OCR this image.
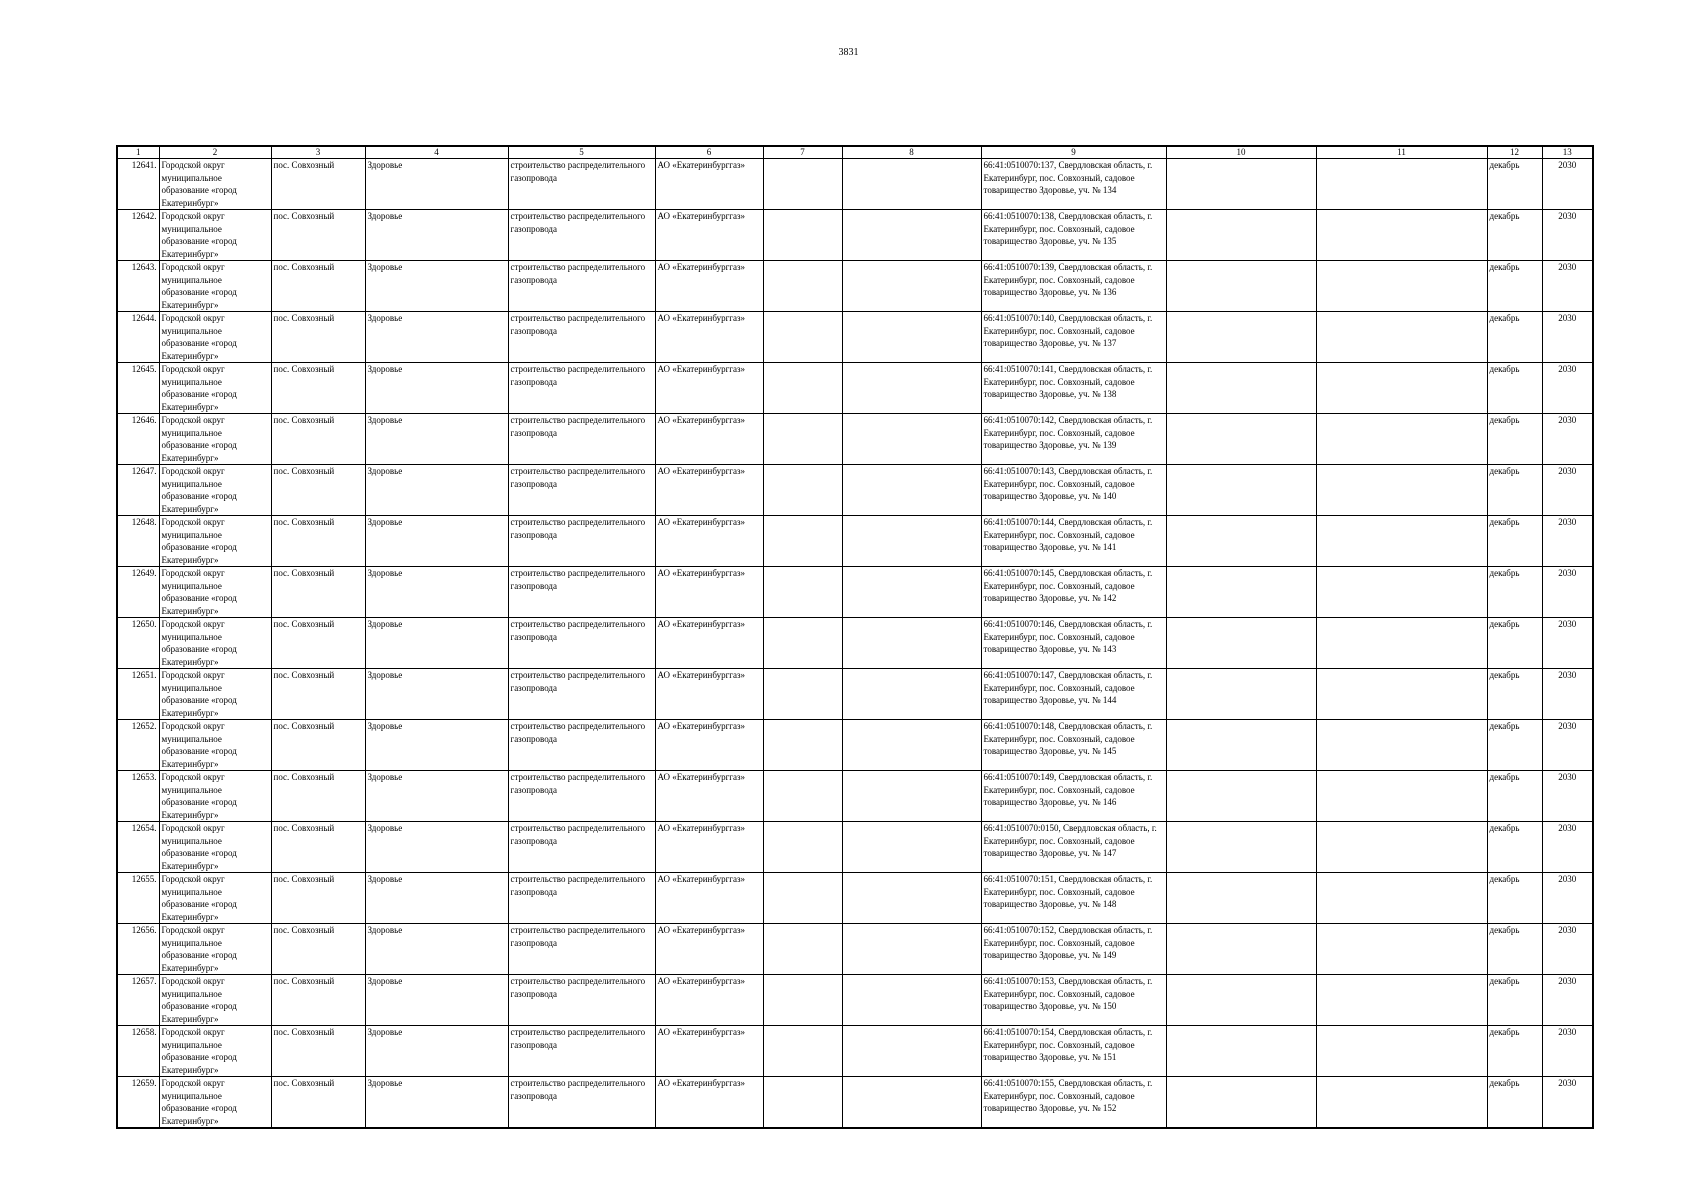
3831
1	2	3	4	5	6	7	8	9	10	11	12	13
12641.	Городской округ муниципальное образование «город Екатеринбург»	пос. Совхозный	Здоровье	строительство распределительного газопровода	АО «Екатеринбурггаз»			66:41:0510070:137, Свердловская область, г. Екатеринбург, пос. Совхозный, садовое товарищество Здоровье, уч. № 134			декабрь	2030
12642.	Городской округ муниципальное образование «город Екатеринбург»	пос. Совхозный	Здоровье	строительство распределительного газопровода	АО «Екатеринбурггаз»			66:41:0510070:138, Свердловская область, г. Екатеринбург, пос. Совхозный, садовое товарищество Здоровье, уч. № 135			декабрь	2030
12643.	Городской округ муниципальное образование «город Екатеринбург»	пос. Совхозный	Здоровье	строительство распределительного газопровода	АО «Екатеринбурггаз»			66:41:0510070:139, Свердловская область, г. Екатеринбург, пос. Совхозный, садовое товарищество Здоровье, уч. № 136			декабрь	2030
12644.	Городской округ муниципальное образование «город Екатеринбург»	пос. Совхозный	Здоровье	строительство распределительного газопровода	АО «Екатеринбурггаз»			66:41:0510070:140, Свердловская область, г. Екатеринбург, пос. Совхозный, садовое товарищество Здоровье, уч. № 137			декабрь	2030
12645.	Городской округ муниципальное образование «город Екатеринбург»	пос. Совхозный	Здоровье	строительство распределительного газопровода	АО «Екатеринбурггаз»			66:41:0510070:141, Свердловская область, г. Екатеринбург, пос. Совхозный, садовое товарищество Здоровье, уч. № 138			декабрь	2030
12646.	Городской округ муниципальное образование «город Екатеринбург»	пос. Совхозный	Здоровье	строительство распределительного газопровода	АО «Екатеринбурггаз»			66:41:0510070:142, Свердловская область, г. Екатеринбург, пос. Совхозный, садовое товарищество Здоровье, уч. № 139			декабрь	2030
12647.	Городской округ муниципальное образование «город Екатеринбург»	пос. Совхозный	Здоровье	строительство распределительного газопровода	АО «Екатеринбурггаз»			66:41:0510070:143, Свердловская область, г. Екатеринбург, пос. Совхозный, садовое товарищество Здоровье, уч. № 140			декабрь	2030
12648.	Городской округ муниципальное образование «город Екатеринбург»	пос. Совхозный	Здоровье	строительство распределительного газопровода	АО «Екатеринбурггаз»			66:41:0510070:144, Свердловская область, г. Екатеринбург, пос. Совхозный, садовое товарищество Здоровье, уч. № 141			декабрь	2030
12649.	Городской округ муниципальное образование «город Екатеринбург»	пос. Совхозный	Здоровье	строительство распределительного газопровода	АО «Екатеринбурггаз»			66:41:0510070:145, Свердловская область, г. Екатеринбург, пос. Совхозный, садовое товарищество Здоровье, уч. № 142			декабрь	2030
12650.	Городской округ муниципальное образование «город Екатеринбург»	пос. Совхозный	Здоровье	строительство распределительного газопровода	АО «Екатеринбурггаз»			66:41:0510070:146, Свердловская область, г. Екатеринбург, пос. Совхозный, садовое товарищество Здоровье, уч. № 143			декабрь	2030
12651.	Городской округ муниципальное образование «город Екатеринбург»	пос. Совхозный	Здоровье	строительство распределительного газопровода	АО «Екатеринбурггаз»			66:41:0510070:147, Свердловская область, г. Екатеринбург, пос. Совхозный, садовое товарищество Здоровье, уч. № 144			декабрь	2030
12652.	Городской округ муниципальное образование «город Екатеринбург»	пос. Совхозный	Здоровье	строительство распределительного газопровода	АО «Екатеринбурггаз»			66:41:0510070:148, Свердловская область, г. Екатеринбург, пос. Совхозный, садовое товарищество Здоровье, уч. № 145			декабрь	2030
12653.	Городской округ муниципальное образование «город Екатеринбург»	пос. Совхозный	Здоровье	строительство распределительного газопровода	АО «Екатеринбурггаз»			66:41:0510070:149, Свердловская область, г. Екатеринбург, пос. Совхозный, садовое товарищество Здоровье, уч. № 146			декабрь	2030
12654.	Городской округ муниципальное образование «город Екатеринбург»	пос. Совхозный	Здоровье	строительство распределительного газопровода	АО «Екатеринбурггаз»			66:41:0510070:0150, Свердловская область, г. Екатеринбург, пос. Совхозный, садовое товарищество Здоровье, уч. № 147			декабрь	2030
12655.	Городской округ муниципальное образование «город Екатеринбург»	пос. Совхозный	Здоровье	строительство распределительного газопровода	АО «Екатеринбурггаз»			66:41:0510070:151, Свердловская область, г. Екатеринбург, пос. Совхозный, садовое товарищество Здоровье, уч. № 148			декабрь	2030
12656.	Городской округ муниципальное образование «город Екатеринбург»	пос. Совхозный	Здоровье	строительство распределительного газопровода	АО «Екатеринбурггаз»			66:41:0510070:152, Свердловская область, г. Екатеринбург, пос. Совхозный, садовое товарищество Здоровье, уч. № 149			декабрь	2030
12657.	Городской округ муниципальное образование «город Екатеринбург»	пос. Совхозный	Здоровье	строительство распределительного газопровода	АО «Екатеринбурггаз»			66:41:0510070:153, Свердловская область, г. Екатеринбург, пос. Совхозный, садовое товарищество Здоровье, уч. № 150			декабрь	2030
12658.	Городской округ муниципальное образование «город Екатеринбург»	пос. Совхозный	Здоровье	строительство распределительного газопровода	АО «Екатеринбурггаз»			66:41:0510070:154, Свердловская область, г. Екатеринбург, пос. Совхозный, садовое товарищество Здоровье, уч. № 151			декабрь	2030
12659.	Городской округ муниципальное образование «город Екатеринбург»	пос. Совхозный	Здоровье	строительство распределительного газопровода	АО «Екатеринбурггаз»			66:41:0510070:155, Свердловская область, г. Екатеринбург, пос. Совхозный, садовое товарищество Здоровье, уч. № 152			декабрь	2030
